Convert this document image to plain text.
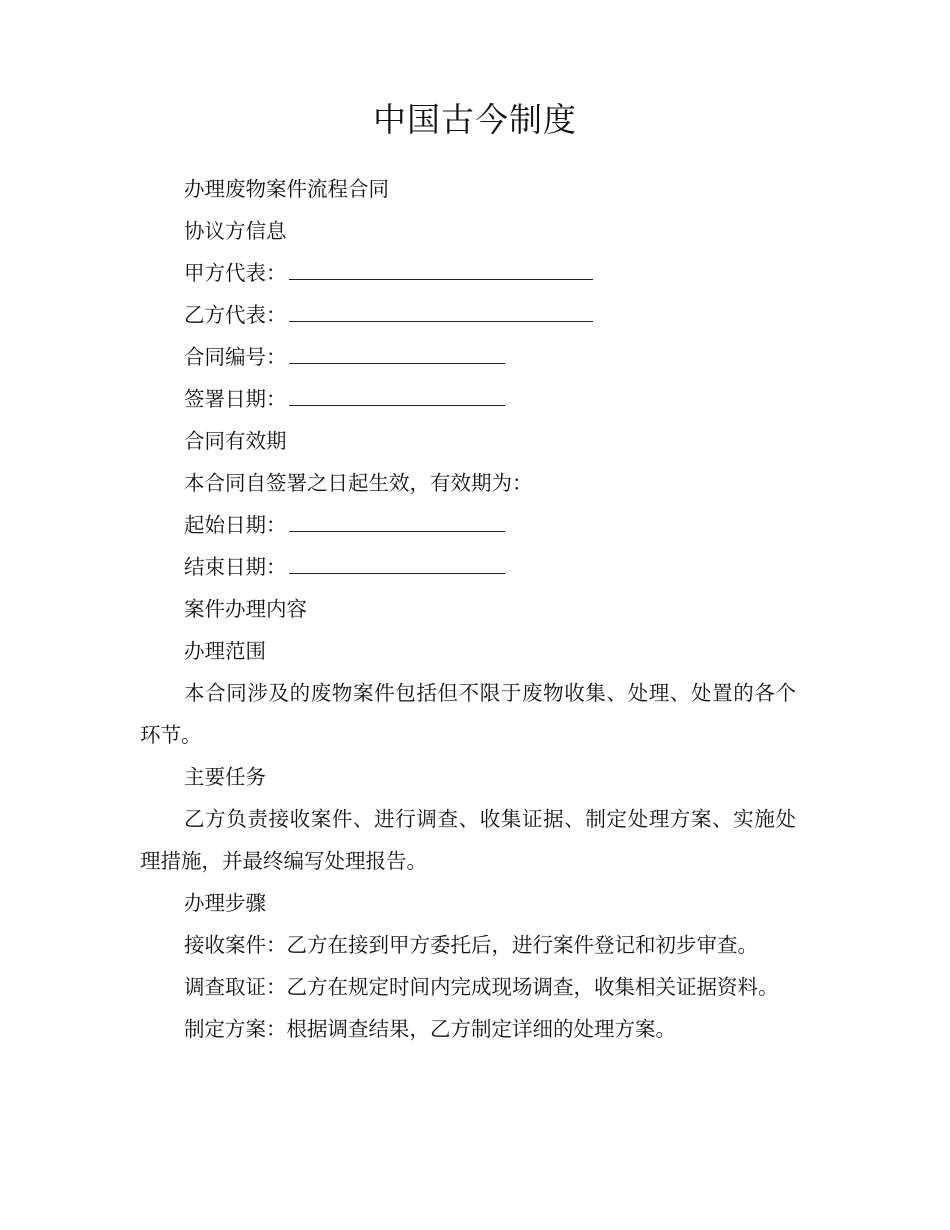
中国古今制度

办理废物案件流程合同

协议方信息

甲方代表：

乙方代表：

合同编号：

签署日期：

合同有效期

本合同自签署之日起生效，有效期为：

起始日期：

结束日期：

案件办理内容

办理范围

本合同涉及的废物案件包括但不限于废物收集、处理、处置的各个环节。

主要任务

乙方负责接收案件、进行调查、收集证据、制定处理方案、实施处理措施，并最终编写处理报告。

办理步骤

接收案件：乙方在接到甲方委托后，进行案件登记和初步审查。

调查取证：乙方在规定时间内完成现场调查，收集相关证据资料。

制定方案：根据调查结果，乙方制定详细的处理方案。
